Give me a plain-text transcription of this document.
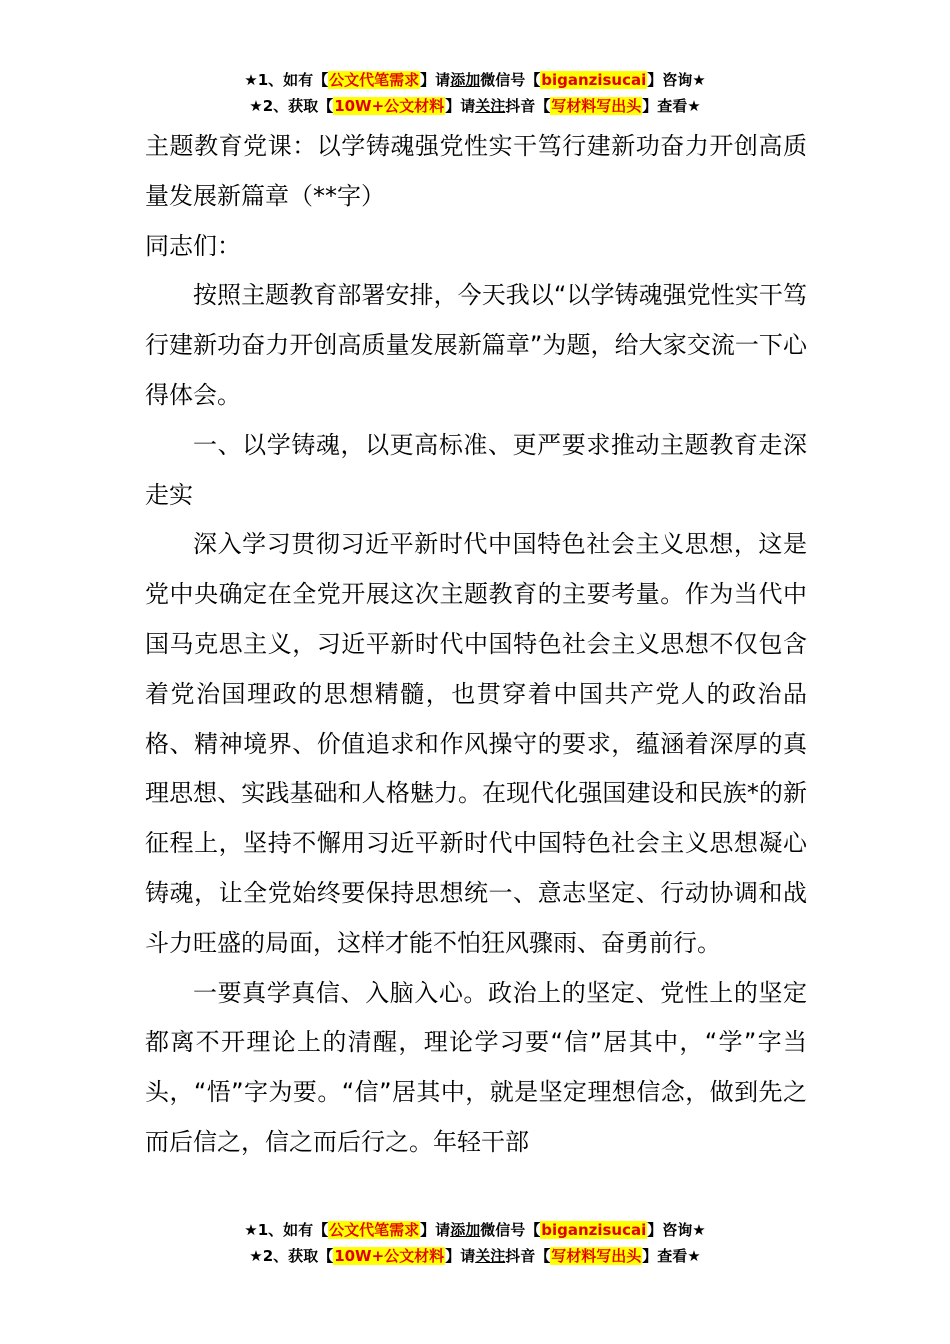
★1、如有【公文代笔需求】请添加微信号【biganzisucai】咨询★
★2、获取【10W+公文材料】请关注抖音【写材料写出头】查看★

主题教育党课：以学铸魂强党性实干笃行建新功奋力开创高质量发展新篇章（**字）

同志们：

按照主题教育部署安排，今天我以“以学铸魂强党性实干笃行建新功奋力开创高质量发展新篇章”为题，给大家交流一下心得体会。

一、以学铸魂，以更高标准、更严要求推动主题教育走深走实

深入学习贯彻习近平新时代中国特色社会主义思想，这是党中央确定在全党开展这次主题教育的主要考量。作为当代中国马克思主义，习近平新时代中国特色社会主义思想不仅包含着党治国理政的思想精髓，也贯穿着中国共产党人的政治品格、精神境界、价值追求和作风操守的要求，蕴涵着深厚的真理思想、实践基础和人格魅力。在现代化强国建设和民族*的新征程上，坚持不懈用习近平新时代中国特色社会主义思想凝心铸魂，让全党始终要保持思想统一、意志坚定、行动协调和战斗力旺盛的局面，这样才能不怕狂风骤雨、奋勇前行。

一要真学真信、入脑入心。政治上的坚定、党性上的坚定都离不开理论上的清醒，理论学习要“信”居其中，“学”字当头，“悟”字为要。“信”居其中，就是坚定理想信念，做到先之而后信之，信之而后行之。年轻干部

★1、如有【公文代笔需求】请添加微信号【biganzisucai】咨询★
★2、获取【10W+公文材料】请关注抖音【写材料写出头】查看★
